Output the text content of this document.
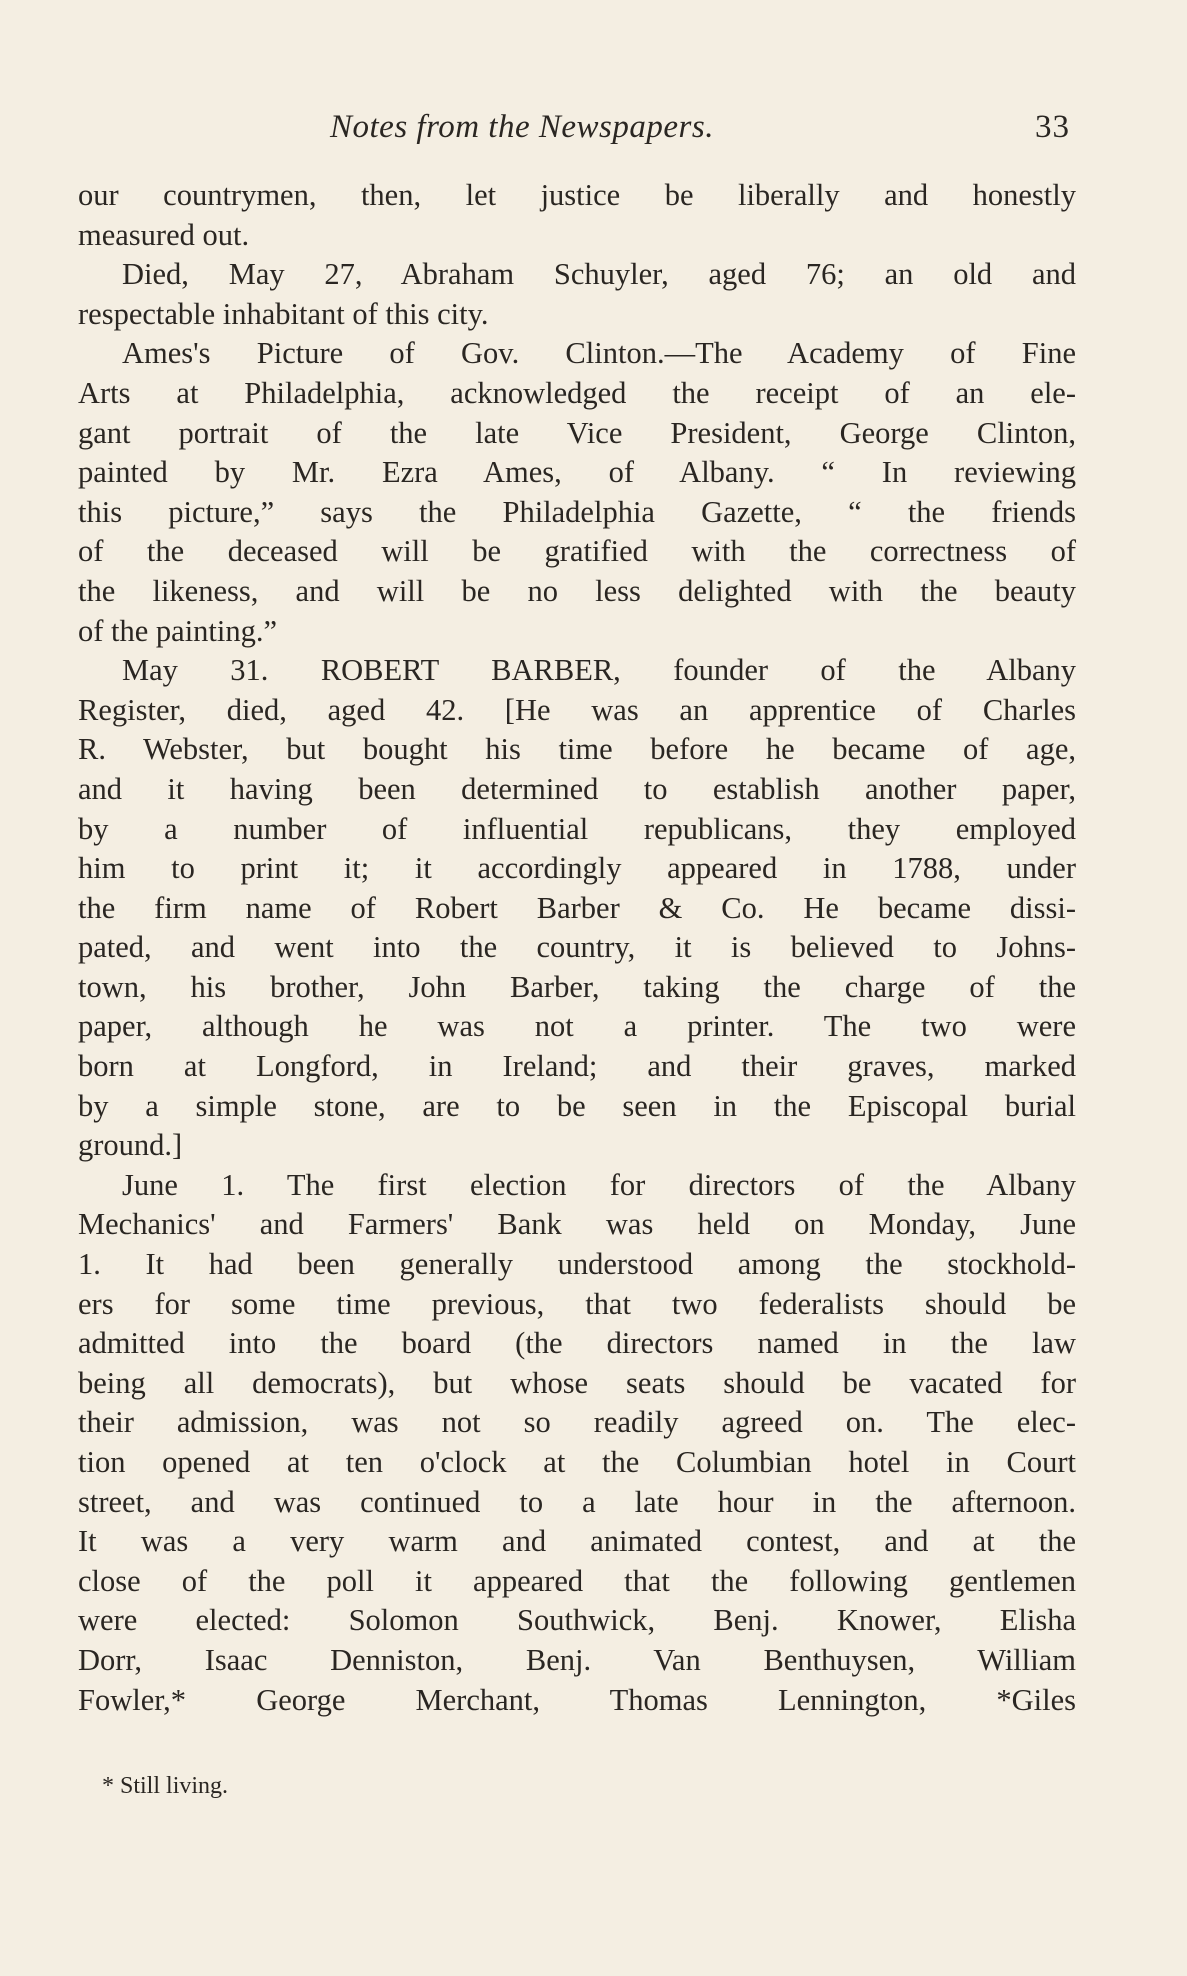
Notes from the Newspapers.	33
our countrymen, then, let justice be liberally and honestly
measured out.
Died, May 27, Abraham Schuyler, aged 76; an old and
respectable inhabitant of this city.
Ames's Picture of Gov. Clinton.—The Academy of Fine
Arts at Philadelphia, acknowledged the receipt of an ele-
gant portrait of the late Vice President, George Clinton,
painted by Mr. Ezra Ames, of Albany. “ In reviewing
this picture,” says the Philadelphia Gazette, “ the friends
of the deceased will be gratified with the correctness of
the likeness, and will be no less delighted with the beauty
of the painting.”
May 31. ROBERT BARBER, founder of the Albany
Register, died, aged 42. [He was an apprentice of Charles
R. Webster, but bought his time before he became of age,
and it having been determined to establish another paper,
by a number of influential republicans, they employed
him to print it; it accordingly appeared in 1788, under
the firm name of Robert Barber & Co. He became dissi-
pated, and went into the country, it is believed to Johns-
town, his brother, John Barber, taking the charge of the
paper, although he was not a printer. The two were
born at Longford, in Ireland; and their graves, marked
by a simple stone, are to be seen in the Episcopal burial
ground.]
June 1. The first election for directors of the Albany
Mechanics' and Farmers' Bank was held on Monday, June
1. It had been generally understood among the stockhold-
ers for some time previous, that two federalists should be
admitted into the board (the directors named in the law
being all democrats), but whose seats should be vacated for
their admission, was not so readily agreed on. The elec-
tion opened at ten o'clock at the Columbian hotel in Court
street, and was continued to a late hour in the afternoon.
It was a very warm and animated contest, and at the
close of the poll it appeared that the following gentlemen
were elected: Solomon Southwick, Benj. Knower, Elisha
Dorr, Isaac Denniston, Benj. Van Benthuysen, William
Fowler,* George Merchant, Thomas Lennington, *Giles
* Still living.
